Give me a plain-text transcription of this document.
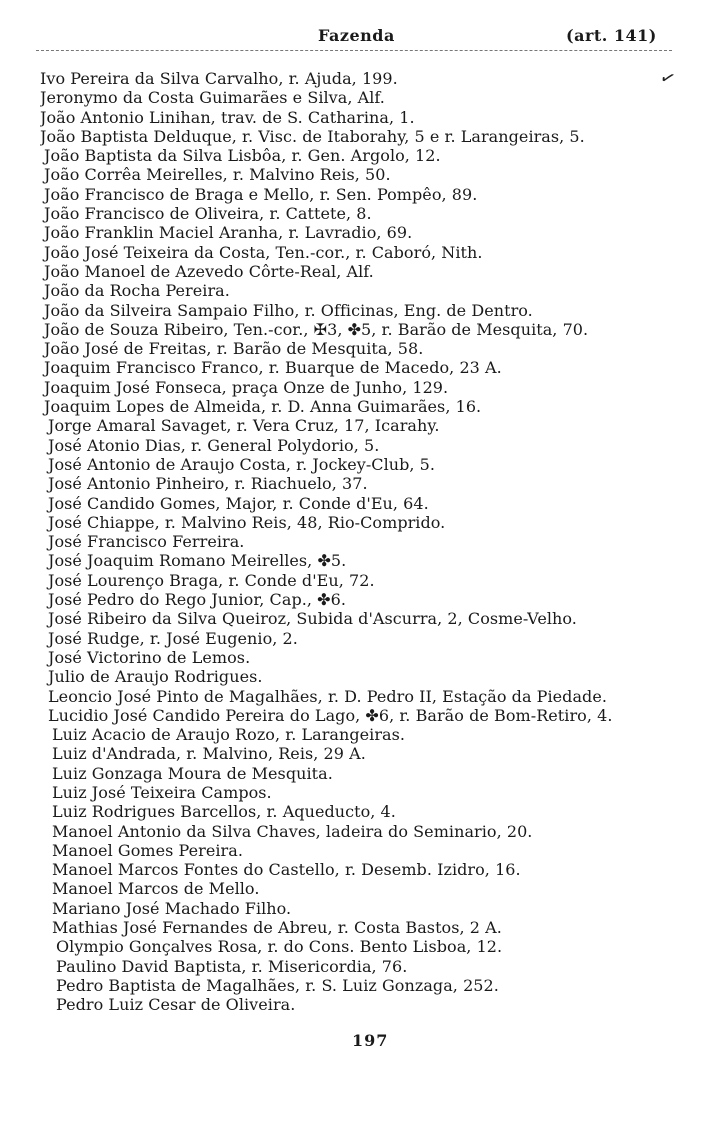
Fazenda	(art. 141)
✓
Ivo Pereira da Silva Carvalho, r. Ajuda, 199.
Jeronymo da Costa Guimarães e Silva, Alf.
João Antonio Linihan, trav. de S. Catharina, 1.
João Baptista Delduque, r. Visc. de Itaborahy, 5 e r. Larangeiras, 5.
João Baptista da Silva Lisbôa, r. Gen. Argolo, 12.
João Corrêa Meirelles, r. Malvino Reis, 50.
João Francisco de Braga e Mello, r. Sen. Pompêo, 89.
João Francisco de Oliveira, r. Cattete, 8.
João Franklin Maciel Aranha, r. Lavradio, 69.
João José Teixeira da Costa, Ten.-cor., r. Caboró, Nith.
João Manoel de Azevedo Côrte-Real, Alf.
João da Rocha Pereira.
João da Silveira Sampaio Filho, r. Officinas, Eng. de Dentro.
João de Souza Ribeiro, Ten.-cor., ✠3, ✤5, r. Barão de Mesquita, 70.
João José de Freitas, r. Barão de Mesquita, 58.
Joaquim Francisco Franco, r. Buarque de Macedo, 23 A.
Joaquim José Fonseca, praça Onze de Junho, 129.
Joaquim Lopes de Almeida, r. D. Anna Guimarães, 16.
Jorge Amaral Savaget, r. Vera Cruz, 17, Icarahy.
José Atonio Dias, r. General Polydorio, 5.
José Antonio de Araujo Costa, r. Jockey-Club, 5.
José Antonio Pinheiro, r. Riachuelo, 37.
José Candido Gomes, Major, r. Conde d'Eu, 64.
José Chiappe, r. Malvino Reis, 48, Rio-Comprido.
José Francisco Ferreira.
José Joaquim Romano Meirelles, ✤5.
José Lourenço Braga, r. Conde d'Eu, 72.
José Pedro do Rego Junior, Cap., ✤6.
José Ribeiro da Silva Queiroz, Subida d'Ascurra, 2, Cosme-Velho.
José Rudge, r. José Eugenio, 2.
José Victorino de Lemos.
Julio de Araujo Rodrigues.
Leoncio José Pinto de Magalhães, r. D. Pedro II, Estação da Piedade.
Lucidio José Candido Pereira do Lago, ✤6, r. Barão de Bom-Retiro, 4.
Luiz Acacio de Araujo Rozo, r. Larangeiras.
Luiz d'Andrada, r. Malvino, Reis, 29 A.
Luiz Gonzaga Moura de Mesquita.
Luiz José Teixeira Campos.
Luiz Rodrigues Barcellos, r. Aqueducto, 4.
Manoel Antonio da Silva Chaves, ladeira do Seminario, 20.
Manoel Gomes Pereira.
Manoel Marcos Fontes do Castello, r. Desemb. Izidro, 16.
Manoel Marcos de Mello.
Mariano José Machado Filho.
Mathias José Fernandes de Abreu, r. Costa Bastos, 2 A.
Olympio Gonçalves Rosa, r. do Cons. Bento Lisboa, 12.
Paulino David Baptista, r. Misericordia, 76.
Pedro Baptista de Magalhães, r. S. Luiz Gonzaga, 252.
Pedro Luiz Cesar de Oliveira.
197
